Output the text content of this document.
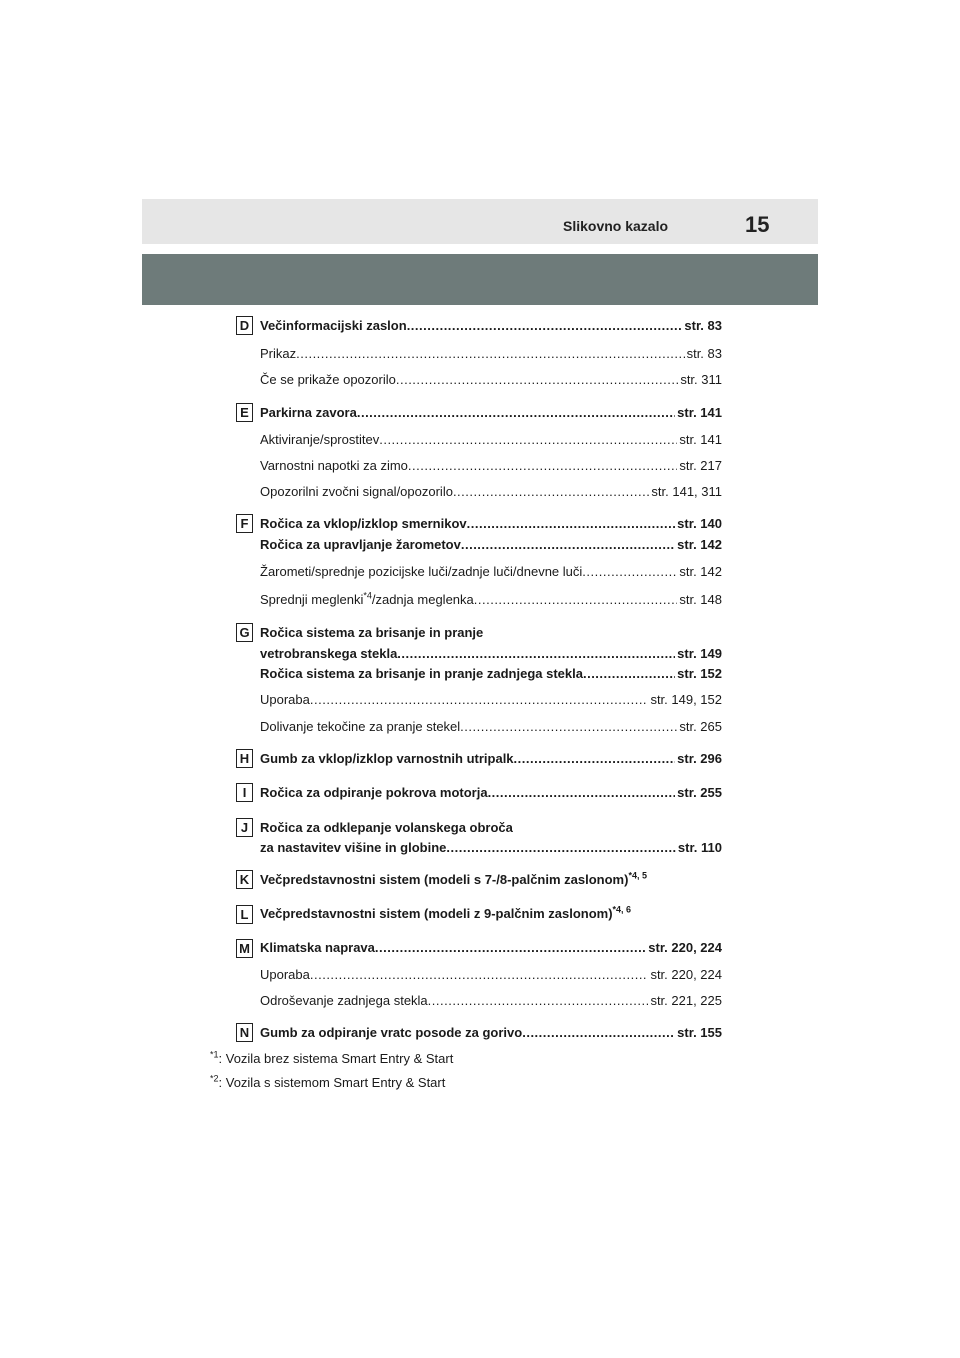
Slikovno kazalo	15
D Večinformacijski zaslon .....	str. 83
Prikaz .....	str. 83
Če se prikaže opozorilo .....	str. 311
E Parkirna zavora .....	str. 141
Aktiviranje/sprostitev .....	str. 141
Varnostni napotki za zimo .....	str. 217
Opozorilni zvočni signal/opozorilo .....	str. 141, 311
F Ročica za vklop/izklop smernikov .....	str. 140
Ročica za upravljanje žarometov .....	str. 142
Žarometi/sprednje pozicijske luči/zadnje luči/dnevne luči .....	str. 142
Sprednji meglenki$^{*4}$/zadnja meglenka .....	str. 148
G Ročica sistema za brisanje in pranje
vetrobranskega stekla .....	str. 149
Ročica sistema za brisanje in pranje zadnjega stekla .....	str. 152
Uporaba .....	str. 149, 152
Dolivanje tekočine za pranje stekel .....	str. 265
H Gumb za vklop/izklop varnostnih utripalk .....	str. 296
I	Ročica za odpiranje pokrova motorja .....	str. 255
J Ročica za odklepanje volanskega obroča
za nastavitev višine in globine .....	str. 110
K Večpredstavnostni sistem (modeli s 7-/8-palčnim zaslonom)$^{*4, 5}$
L Večpredstavnostni sistem (modeli z 9-palčnim zaslonom)$^{*4, 6}$
M Klimatska naprava .....	str. 220, 224
Uporaba .....	str. 220, 224
Odroševanje zadnjega stekla .....	str. 221, 225
N Gumb za odpiranje vratc posode za gorivo .....	str. 155
$^{*1}$: Vozila brez sistema Smart Entry & Start
$^{*2}$: Vozila s sistemom Smart Entry & Start
